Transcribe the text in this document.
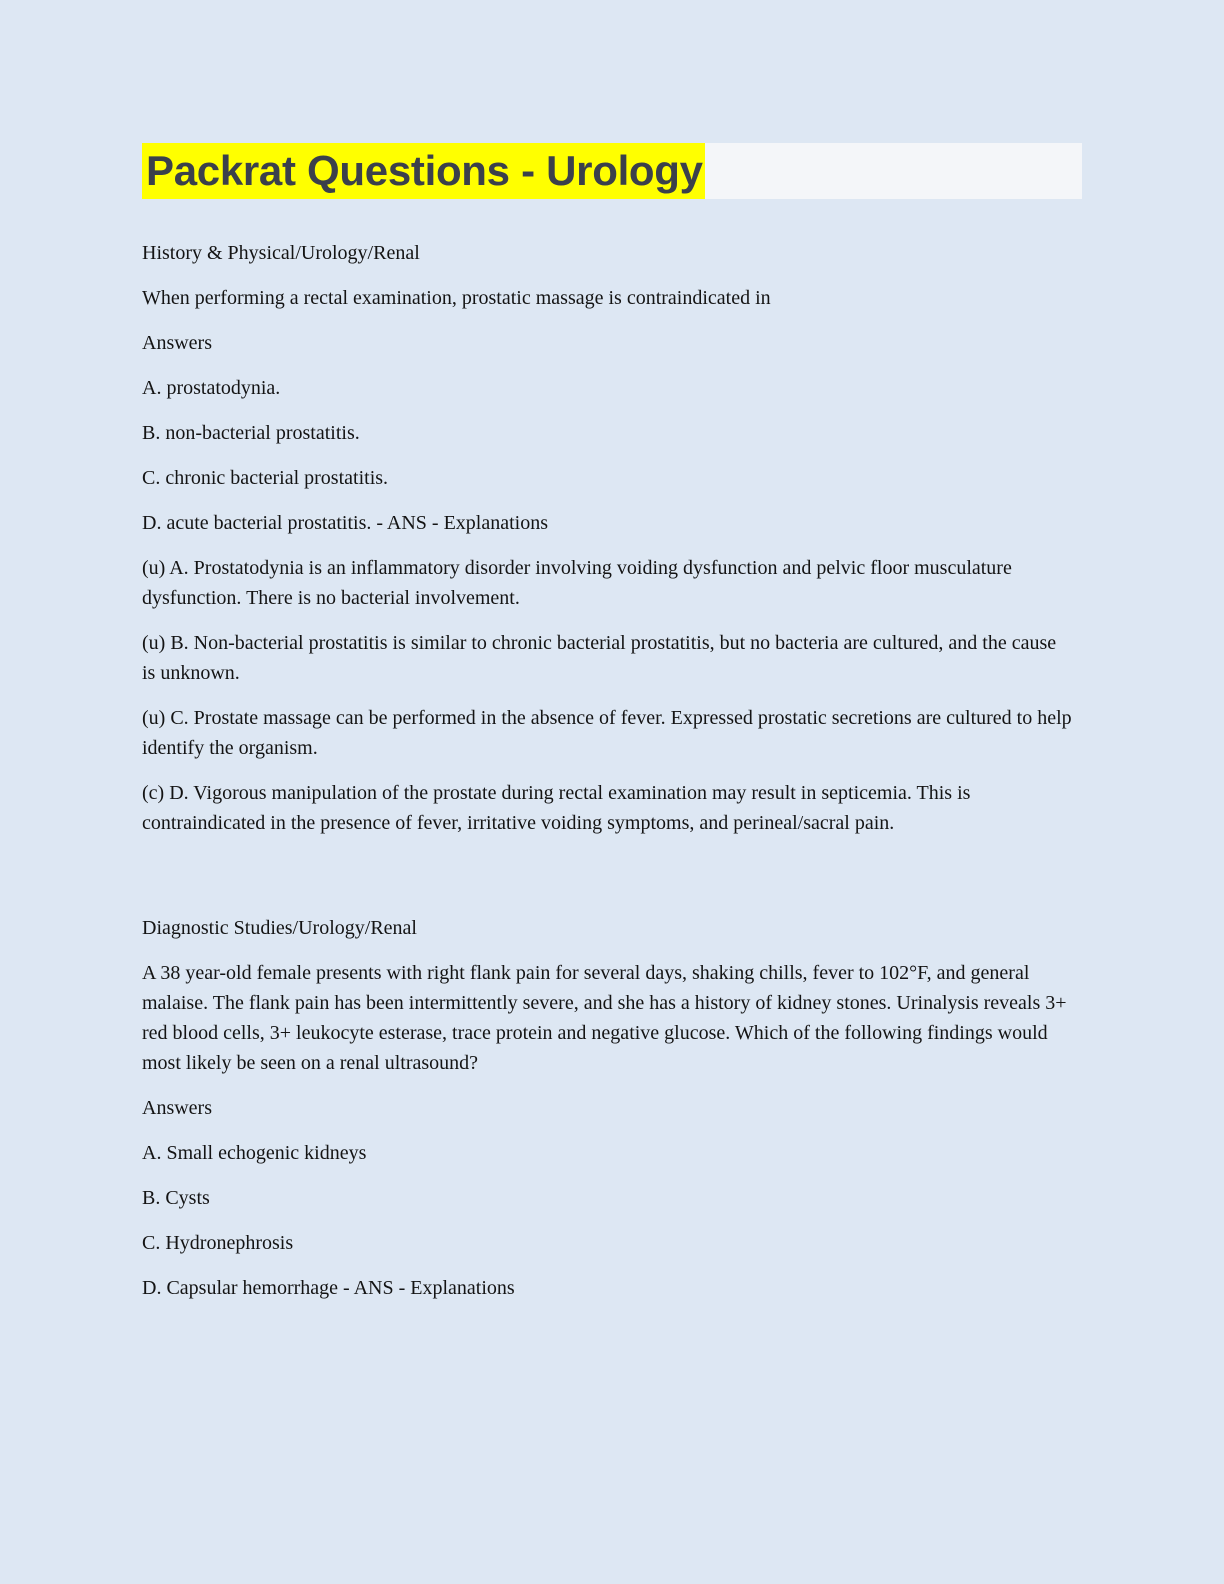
Packrat Questions - Urology

History & Physical/Urology/Renal

When performing a rectal examination, prostatic massage is contraindicated in

Answers

A. prostatodynia.

B. non-bacterial prostatitis.

C. chronic bacterial prostatitis.

D. acute bacterial prostatitis. - ANS - Explanations

(u) A. Prostatodynia is an inflammatory disorder involving voiding dysfunction and pelvic floor musculature dysfunction. There is no bacterial involvement.

(u) B. Non-bacterial prostatitis is similar to chronic bacterial prostatitis, but no bacteria are cultured, and the cause is unknown.

(u) C. Prostate massage can be performed in the absence of fever. Expressed prostatic secretions are cultured to help identify the organism.

(c) D. Vigorous manipulation of the prostate during rectal examination may result in septicemia. This is contraindicated in the presence of fever, irritative voiding symptoms, and perineal/sacral pain.

Diagnostic Studies/Urology/Renal

A 38 year-old female presents with right flank pain for several days, shaking chills, fever to 102°F, and general malaise. The flank pain has been intermittently severe, and she has a history of kidney stones. Urinalysis reveals 3+ red blood cells, 3+ leukocyte esterase, trace protein and negative glucose. Which of the following findings would most likely be seen on a renal ultrasound?

Answers

A. Small echogenic kidneys

B. Cysts

C. Hydronephrosis

D. Capsular hemorrhage - ANS - Explanations
